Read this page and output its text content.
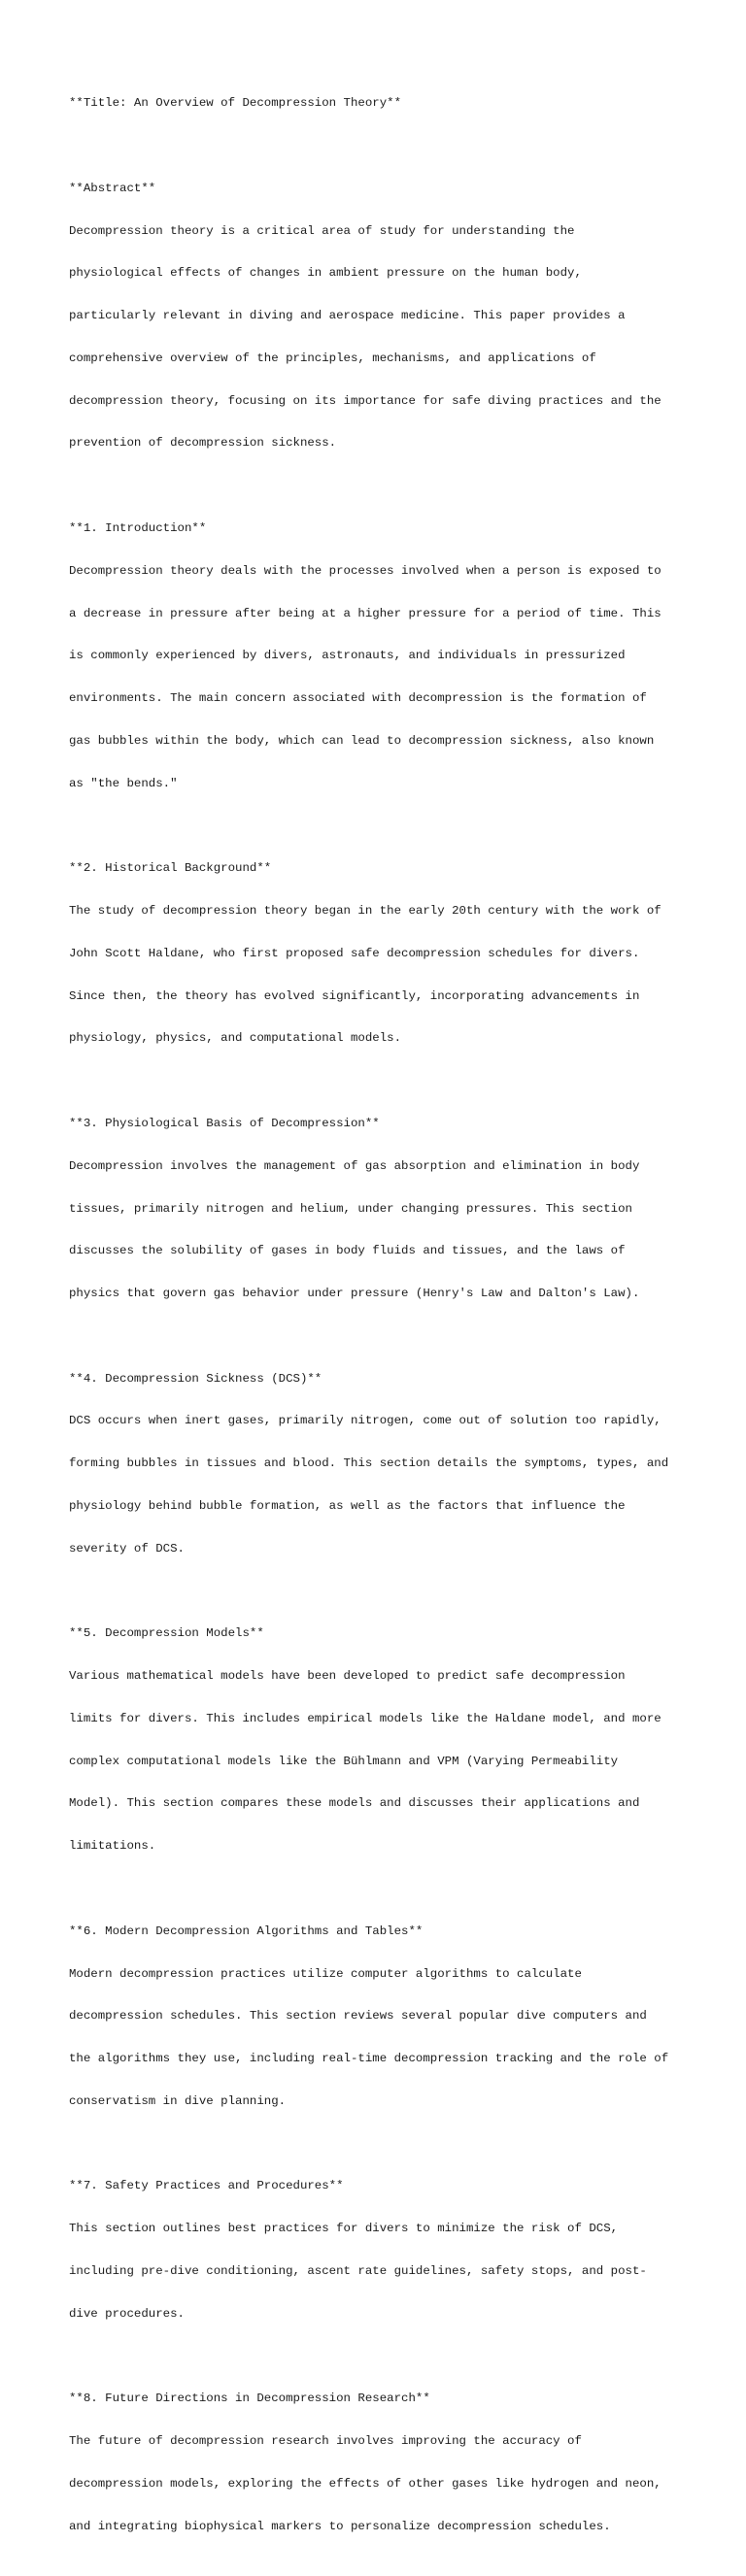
**Title: An Overview of Decompression Theory**

**Abstract**

Decompression theory is a critical area of study for understanding the

physiological effects of changes in ambient pressure on the human body,

particularly relevant in diving and aerospace medicine. This paper provides a

comprehensive overview of the principles, mechanisms, and applications of

decompression theory, focusing on its importance for safe diving practices and the

prevention of decompression sickness.

**1. Introduction**

Decompression theory deals with the processes involved when a person is exposed to

a decrease in pressure after being at a higher pressure for a period of time. This

is commonly experienced by divers, astronauts, and individuals in pressurized

environments. The main concern associated with decompression is the formation of

gas bubbles within the body, which can lead to decompression sickness, also known

as "the bends."

**2. Historical Background**

The study of decompression theory began in the early 20th century with the work of

John Scott Haldane, who first proposed safe decompression schedules for divers.

Since then, the theory has evolved significantly, incorporating advancements in

physiology, physics, and computational models.

**3. Physiological Basis of Decompression**

Decompression involves the management of gas absorption and elimination in body

tissues, primarily nitrogen and helium, under changing pressures. This section

discusses the solubility of gases in body fluids and tissues, and the laws of

physics that govern gas behavior under pressure (Henry's Law and Dalton's Law).

**4. Decompression Sickness (DCS)**

DCS occurs when inert gases, primarily nitrogen, come out of solution too rapidly,

forming bubbles in tissues and blood. This section details the symptoms, types, and

physiology behind bubble formation, as well as the factors that influence the

severity of DCS.

**5. Decompression Models**

Various mathematical models have been developed to predict safe decompression

limits for divers. This includes empirical models like the Haldane model, and more

complex computational models like the Bühlmann and VPM (Varying Permeability

Model). This section compares these models and discusses their applications and

limitations.

**6. Modern Decompression Algorithms and Tables**

Modern decompression practices utilize computer algorithms to calculate

decompression schedules. This section reviews several popular dive computers and

the algorithms they use, including real-time decompression tracking and the role of

conservatism in dive planning.

**7. Safety Practices and Procedures**

This section outlines best practices for divers to minimize the risk of DCS,

including pre-dive conditioning, ascent rate guidelines, safety stops, and post-

dive procedures.

**8. Future Directions in Decompression Research**

The future of decompression research involves improving the accuracy of

decompression models, exploring the effects of other gases like hydrogen and neon,

and integrating biophysical markers to personalize decompression schedules.
